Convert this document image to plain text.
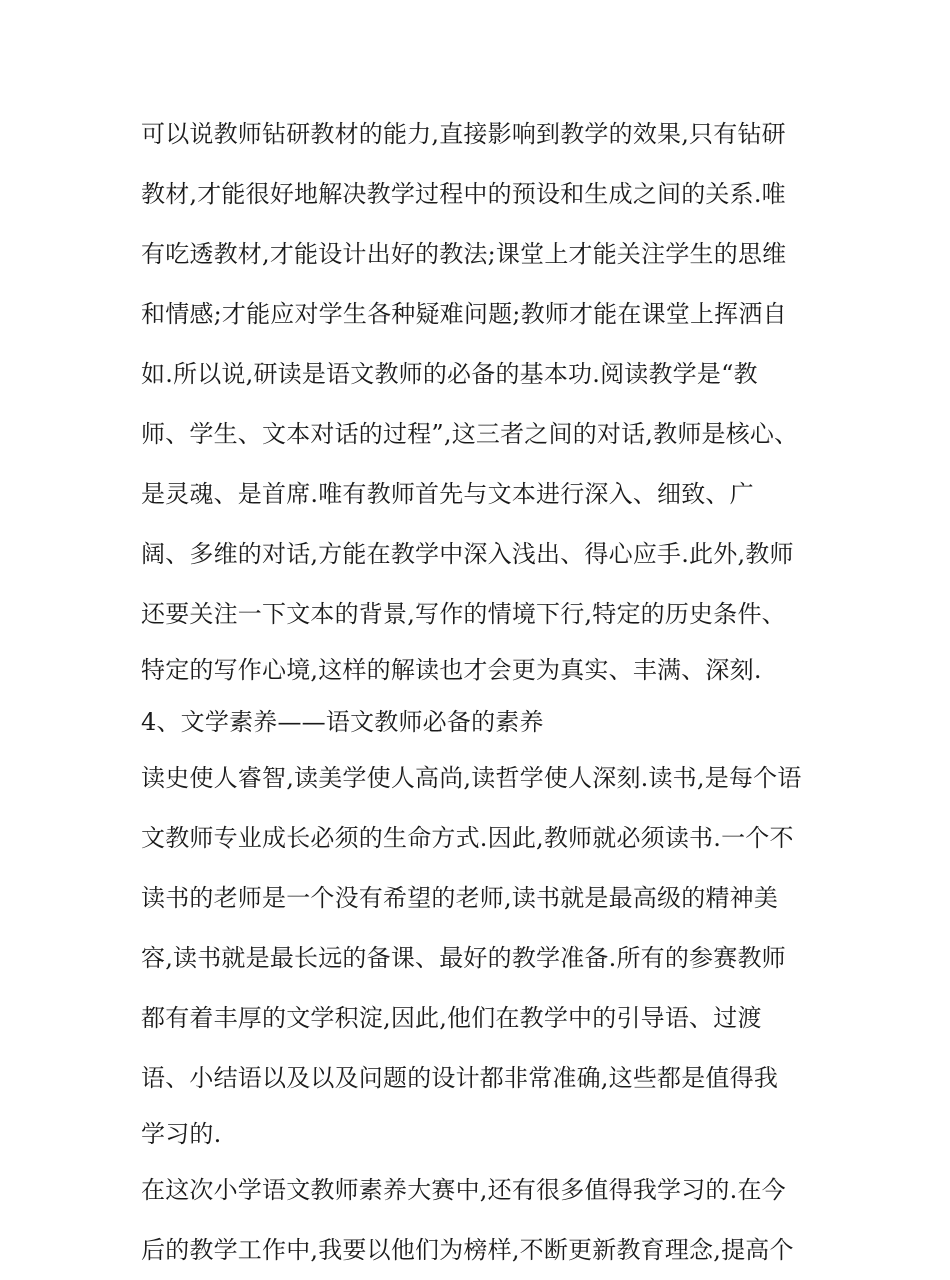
可以说教师钻研教材的能力,直接影响到教学的效果,只有钻研
教材,才能很好地解决教学过程中的预设和生成之间的关系.唯
有吃透教材,才能设计出好的教法;课堂上才能关注学生的思维
和情感;才能应对学生各种疑难问题;教师才能在课堂上挥洒自
如.所以说,研读是语文教师的必备的基本功.阅读教学是“教
师、学生、文本对话的过程”,这三者之间的对话,教师是核心、
是灵魂、是首席.唯有教师首先与文本进行深入、细致、广
阔、多维的对话,方能在教学中深入浅出、得心应手.此外,教师
还要关注一下文本的背景,写作的情境下行,特定的历史条件、
特定的写作心境,这样的解读也才会更为真实、丰满、深刻.
4、文学素养——语文教师必备的素养
读史使人睿智,读美学使人高尚,读哲学使人深刻.读书,是每个语
文教师专业成长必须的生命方式.因此,教师就必须读书.一个不
读书的老师是一个没有希望的老师,读书就是最高级的精神美
容,读书就是最长远的备课、最好的教学准备.所有的参赛教师
都有着丰厚的文学积淀,因此,他们在教学中的引导语、过渡
语、小结语以及以及问题的设计都非常准确,这些都是值得我
学习的.
在这次小学语文教师素养大赛中,还有很多值得我学习的.在今
后的教学工作中,我要以他们为榜样,不断更新教育理念,提高个
